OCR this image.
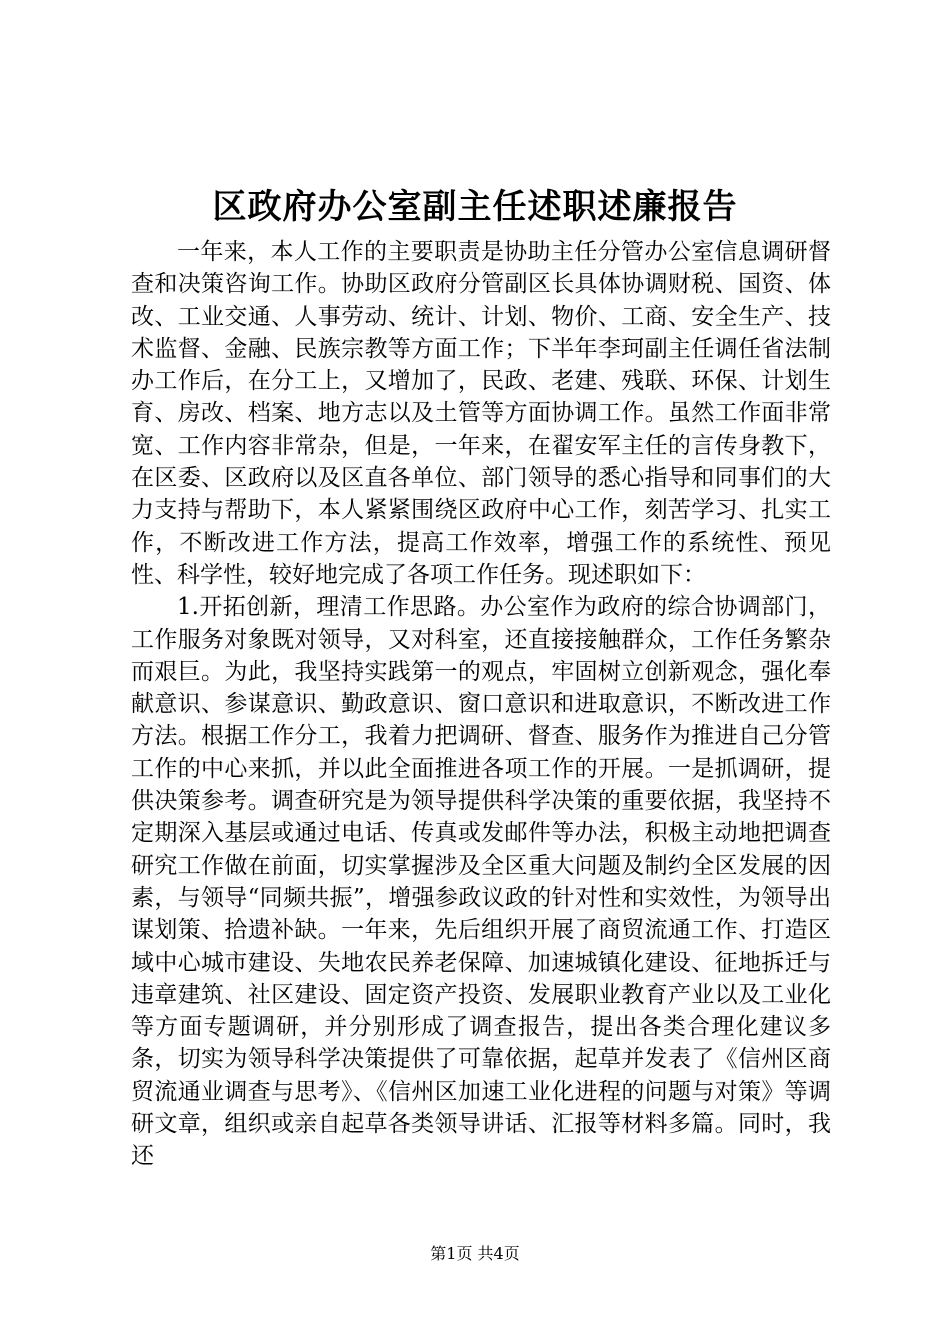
区政府办公室副主任述职述廉报告

一年来，本人工作的主要职责是协助主任分管办公室信息调研督查和决策咨询工作。协助区政府分管副区长具体协调财税、国资、体改、工业交通、人事劳动、统计、计划、物价、工商、安全生产、技术监督、金融、民族宗教等方面工作；下半年李珂副主任调任省法制办工作后，在分工上，又增加了，民政、老建、残联、环保、计划生育、房改、档案、地方志以及土管等方面协调工作。虽然工作面非常宽、工作内容非常杂，但是，一年来，在翟安军主任的言传身教下，在区委、区政府以及区直各单位、部门领导的悉心指导和同事们的大力支持与帮助下，本人紧紧围绕区政府中心工作，刻苦学习、扎实工作，不断改进工作方法，提高工作效率，增强工作的系统性、预见性、科学性，较好地完成了各项工作任务。现述职如下：

1.开拓创新，理清工作思路。办公室作为政府的综合协调部门，工作服务对象既对领导，又对科室，还直接接触群众，工作任务繁杂而艰巨。为此，我坚持实践第一的观点，牢固树立创新观念，强化奉献意识、参谋意识、勤政意识、窗口意识和进取意识，不断改进工作方法。根据工作分工，我着力把调研、督查、服务作为推进自己分管工作的中心来抓，并以此全面推进各项工作的开展。一是抓调研，提供决策参考。调查研究是为领导提供科学决策的重要依据，我坚持不定期深入基层或通过电话、传真或发邮件等办法，积极主动地把调查研究工作做在前面，切实掌握涉及全区重大问题及制约全区发展的因素，与领导“同频共振”，增强参政议政的针对性和实效性，为领导出谋划策、拾遗补缺。一年来，先后组织开展了商贸流通工作、打造区域中心城市建设、失地农民养老保障、加速城镇化建设、征地拆迁与违章建筑、社区建设、固定资产投资、发展职业教育产业以及工业化等方面专题调研，并分别形成了调查报告，提出各类合理化建议多条，切实为领导科学决策提供了可靠依据，起草并发表了《信州区商贸流通业调查与思考》、《信州区加速工业化进程的问题与对策》等调研文章，组织或亲自起草各类领导讲话、汇报等材料多篇。同时，我还

第1页 共4页
